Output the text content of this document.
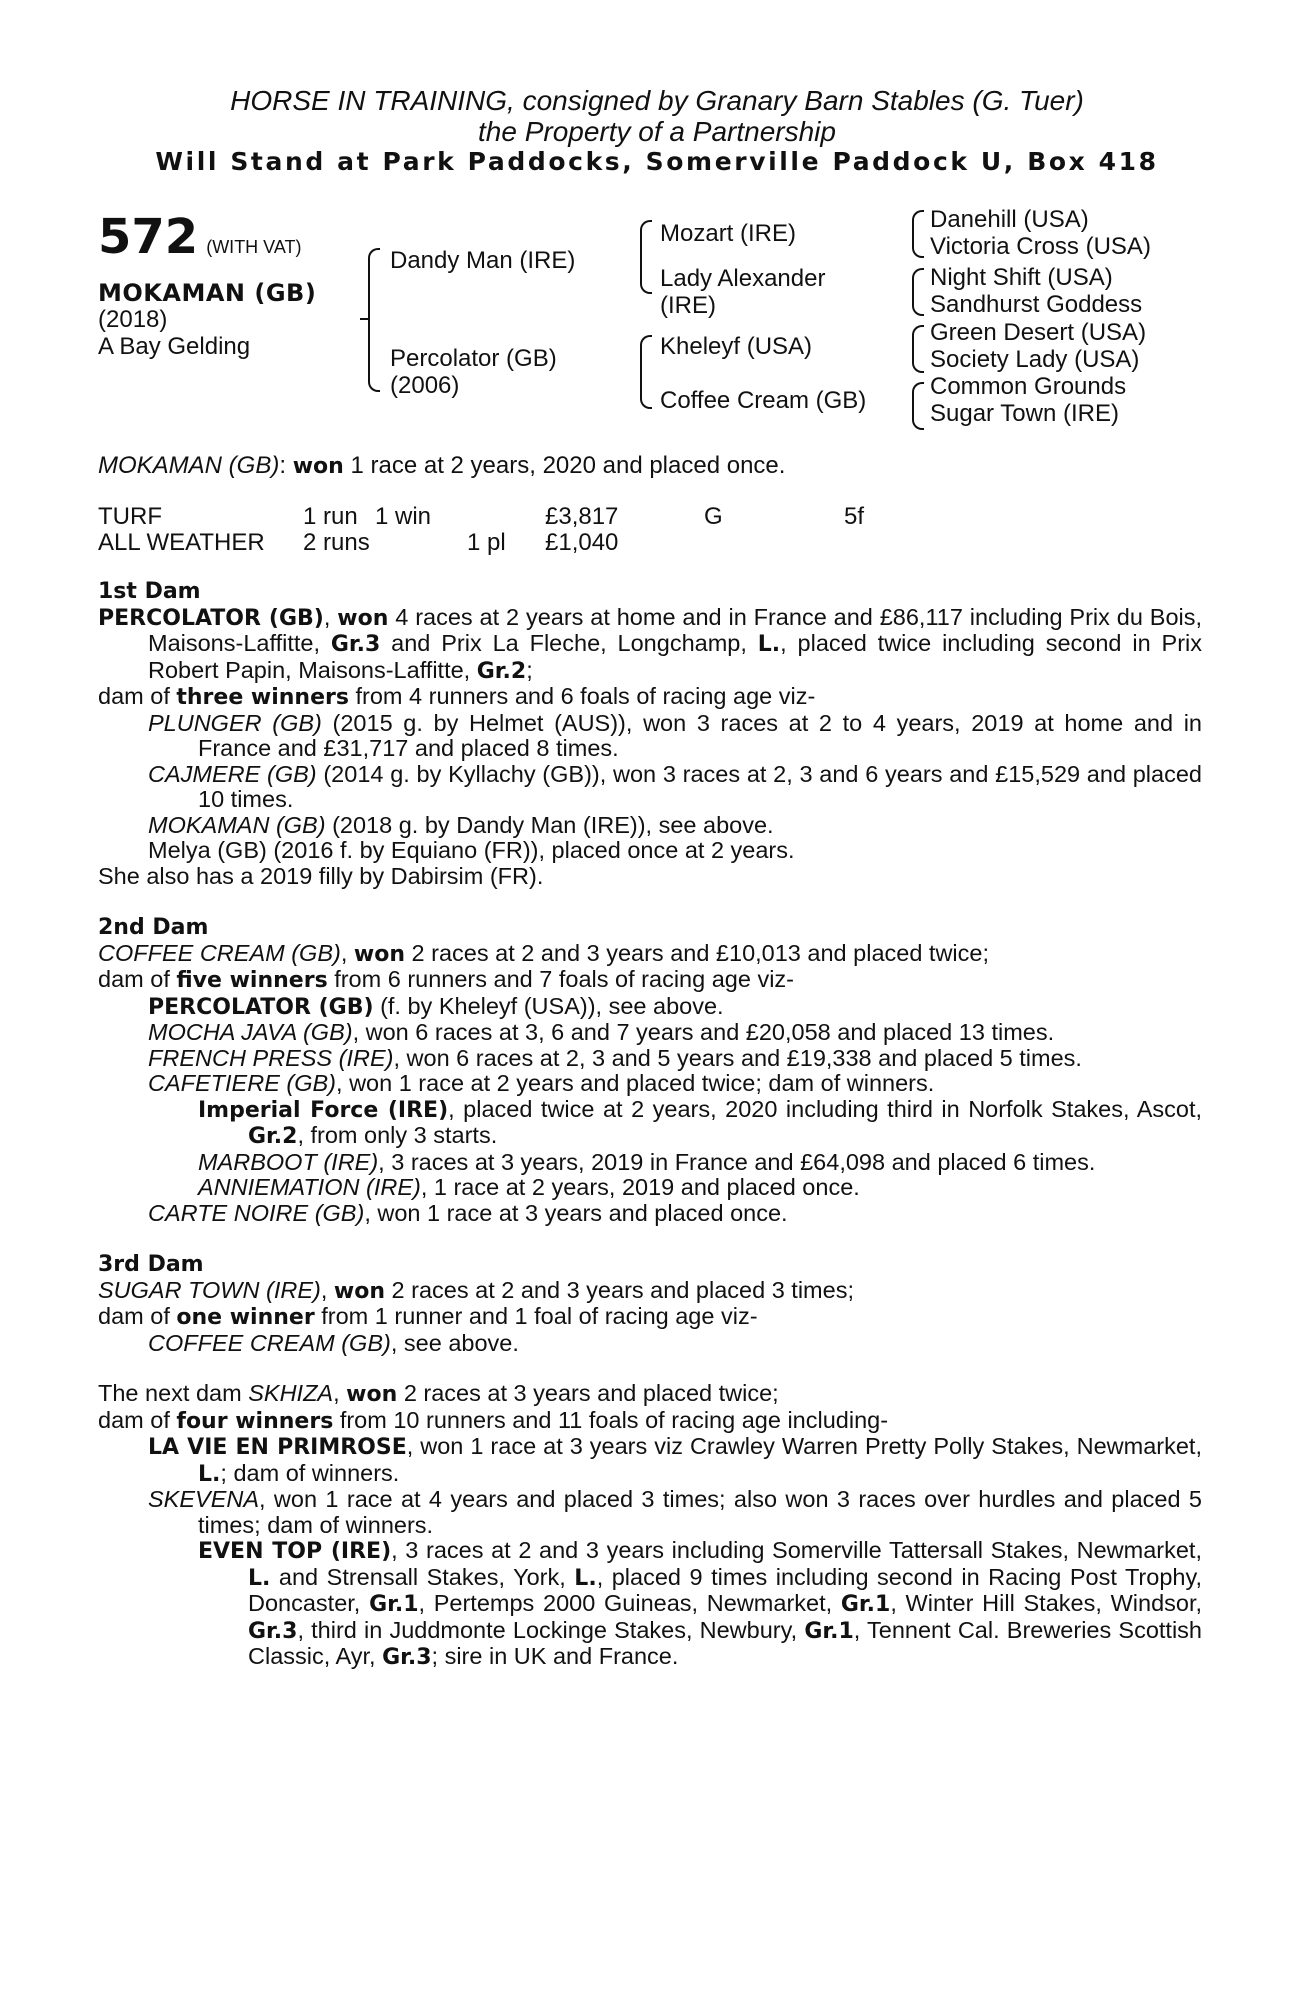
HORSE IN TRAINING, consigned by Granary Barn Stables (G. Tuer)
the Property of a Partnership
Will Stand at Park Paddocks, Somerville Paddock U, Box 418
572 (WITH VAT)
MOKAMAN (GB)
(2018)
A Bay Gelding
Dandy Man (IRE)
Percolator (GB)
(2006)
Mozart (IRE)
Lady Alexander
(IRE)
Kheleyf (USA)
Coffee Cream (GB)
Danehill (USA)
Victoria Cross (USA)
Night Shift (USA)
Sandhurst Goddess
Green Desert (USA)
Society Lady (USA)
Common Grounds
Sugar Town (IRE)
MOKAMAN (GB): won 1 race at 2 years, 2020 and placed once.
TURF	1 run 1 win	£3,817	G	5f
ALL WEATHER 2 runs	1 pl £1,040
1st Dam
PERCOLATOR (GB), won 4 races at 2 years at home and in France and £86,117 including Prix du Bois, Maisons-Laffitte, Gr.3 and Prix La Fleche, Longchamp, L., placed twice including second in Prix Robert Papin, Maisons-Laffitte, Gr.2;
dam of three winners from 4 runners and 6 foals of racing age viz-
PLUNGER (GB) (2015 g. by Helmet (AUS)), won 3 races at 2 to 4 years, 2019 at home and in France and £31,717 and placed 8 times.
CAJMERE (GB) (2014 g. by Kyllachy (GB)), won 3 races at 2, 3 and 6 years and £15,529 and placed 10 times.
MOKAMAN (GB) (2018 g. by Dandy Man (IRE)), see above.
Melya (GB) (2016 f. by Equiano (FR)), placed once at 2 years.
She also has a 2019 filly by Dabirsim (FR).
2nd Dam
COFFEE CREAM (GB), won 2 races at 2 and 3 years and £10,013 and placed twice;
dam of five winners from 6 runners and 7 foals of racing age viz-
PERCOLATOR (GB) (f. by Kheleyf (USA)), see above.
MOCHA JAVA (GB), won 6 races at 3, 6 and 7 years and £20,058 and placed 13 times.
FRENCH PRESS (IRE), won 6 races at 2, 3 and 5 years and £19,338 and placed 5 times.
CAFETIERE (GB), won 1 race at 2 years and placed twice; dam of winners.
Imperial Force (IRE), placed twice at 2 years, 2020 including third in Norfolk Stakes, Ascot, Gr.2, from only 3 starts.
MARBOOT (IRE), 3 races at 3 years, 2019 in France and £64,098 and placed 6 times.
ANNIEMATION (IRE), 1 race at 2 years, 2019 and placed once.
CARTE NOIRE (GB), won 1 race at 3 years and placed once.
3rd Dam
SUGAR TOWN (IRE), won 2 races at 2 and 3 years and placed 3 times;
dam of one winner from 1 runner and 1 foal of racing age viz-
COFFEE CREAM (GB), see above.
The next dam SKHIZA, won 2 races at 3 years and placed twice;
dam of four winners from 10 runners and 11 foals of racing age including-
LA VIE EN PRIMROSE, won 1 race at 3 years viz Crawley Warren Pretty Polly Stakes, Newmarket, L.; dam of winners.
SKEVENA, won 1 race at 4 years and placed 3 times; also won 3 races over hurdles and placed 5 times; dam of winners.
EVEN TOP (IRE), 3 races at 2 and 3 years including Somerville Tattersall Stakes, Newmarket, L. and Strensall Stakes, York, L., placed 9 times including second in Racing Post Trophy, Doncaster, Gr.1, Pertemps 2000 Guineas, Newmarket, Gr.1, Winter Hill Stakes, Windsor, Gr.3, third in Juddmonte Lockinge Stakes, Newbury, Gr.1, Tennent Cal. Breweries Scottish Classic, Ayr, Gr.3; sire in UK and France.
